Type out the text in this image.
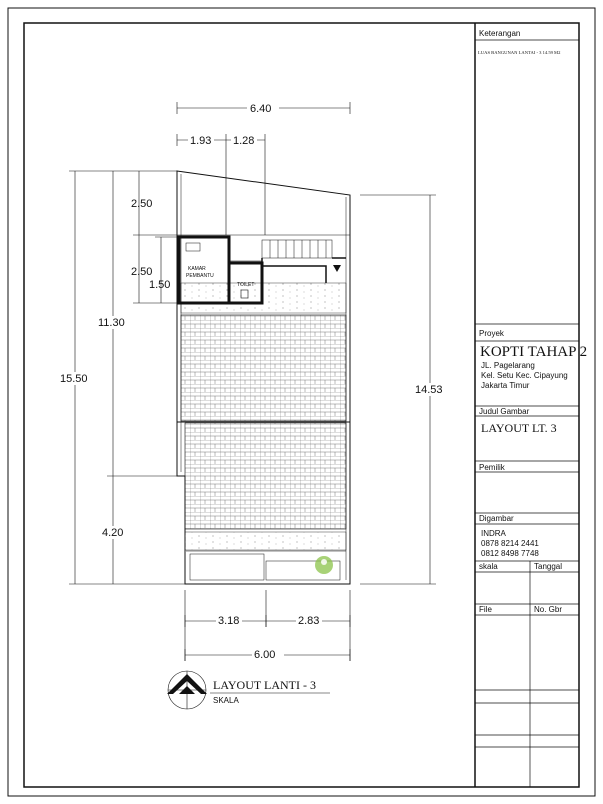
Keterangan
LUAS BANGUNAN LANTAI - 3 14.59 M2
Proyek
KOPTI TAHAP 2
JL. Pagelarang
Kel. Setu Kec. Cipayung
Jakarta Timur
Judul Gambar
LAYOUT LT. 3
Pemilik
Digambar
INDRA
0878 8214 2441
0812 8498 7748
skala	Tanggal
File	No. Gbr
KAMAR
PEMBANTU
TOILET
6.40
1.93 1.28
2.50
2.50
1.50
11.30
15.50
4.20
14.53
3.18	2.83
6.00
LAYOUT LANTI - 3
SKALA
